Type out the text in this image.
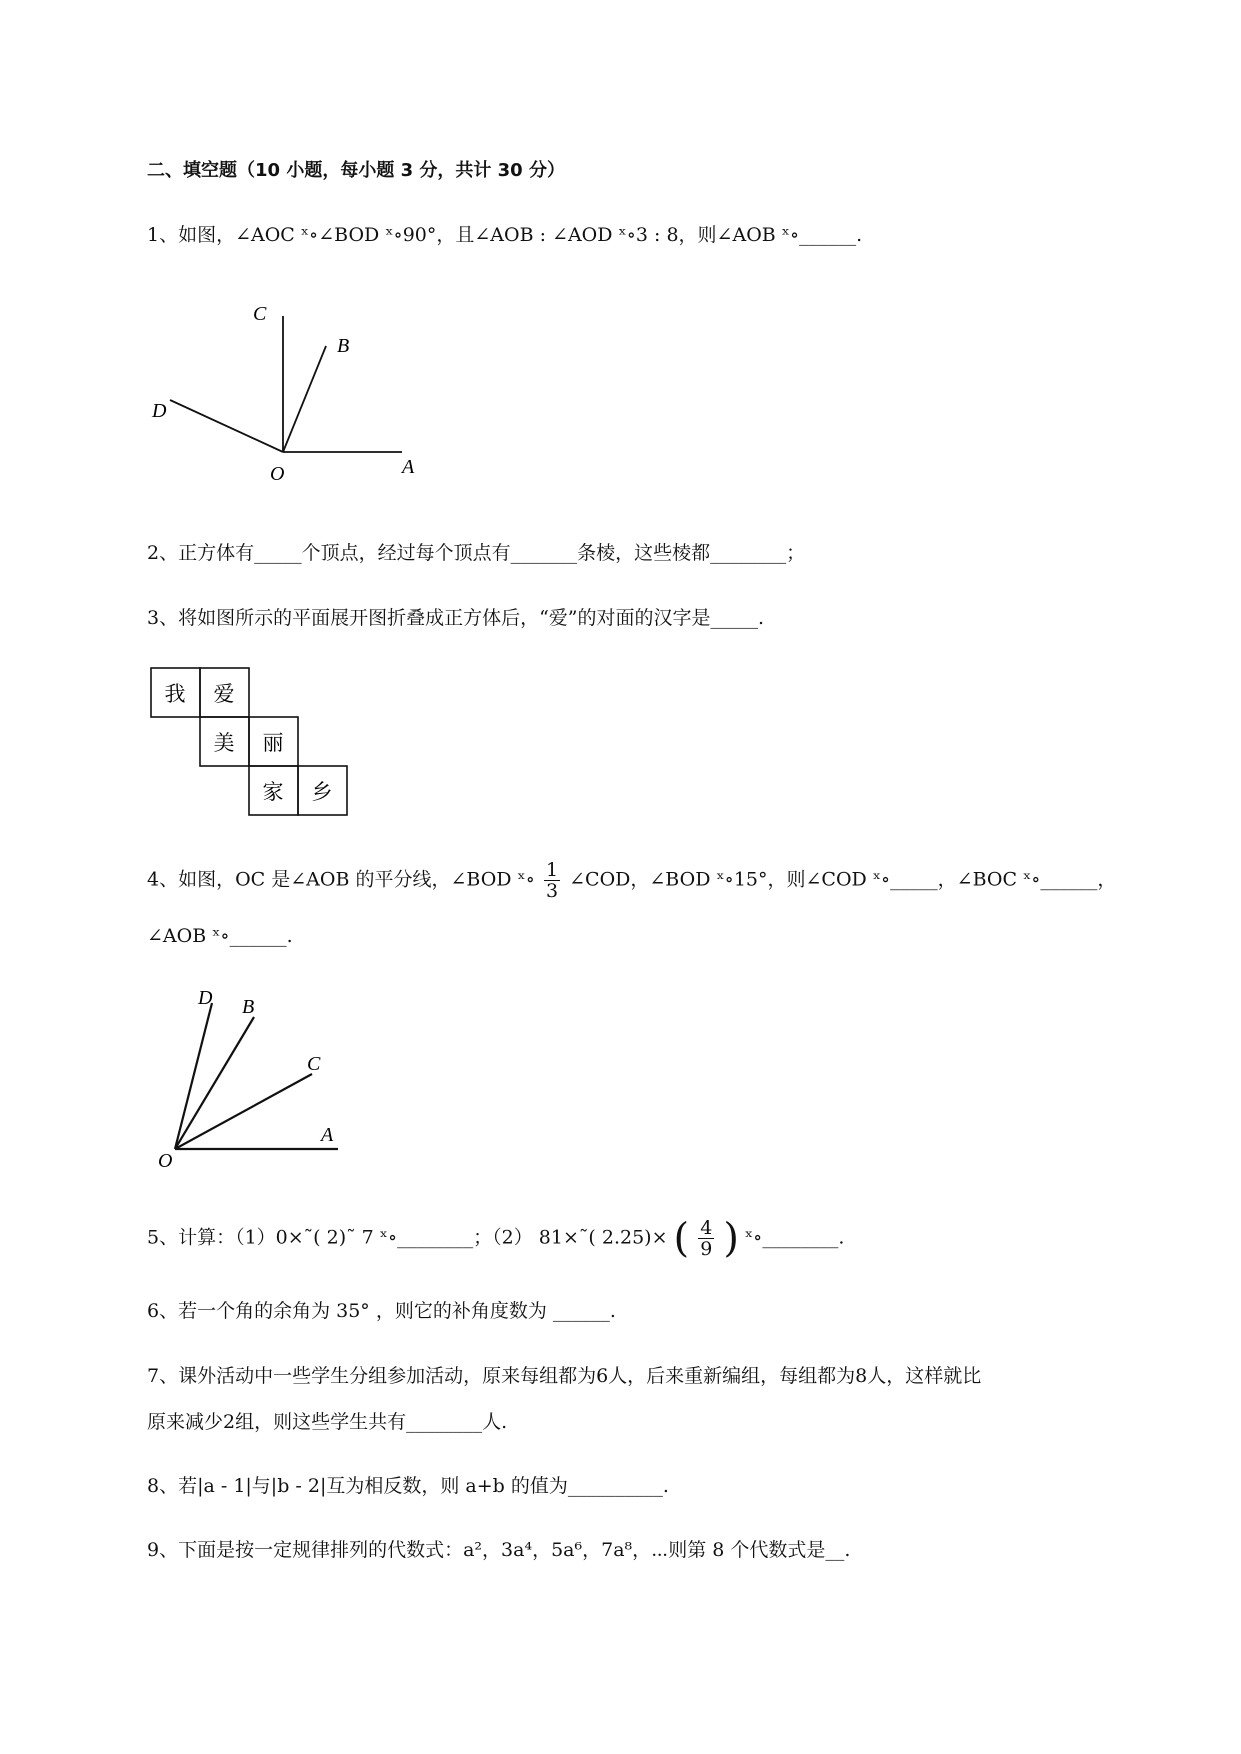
二、填空题（10 小题，每小题 3 分，共计 30 分）
1、如图，∠AOC ˣ∘∠BOD ˣ∘90°，且∠AOB : ∠AOD ˣ∘3 : 8，则∠AOB ˣ∘______.
C
B
D
O	A
2、正方体有_____个顶点，经过每个顶点有_______条棱，这些棱都________；
3、将如图所示的平面展开图折叠成正方体后，“爱”的对面的汉字是_____.
我 爱
美 丽
家 乡
4、如图，OC 是∠AOB 的平分线，∠BOD ˣ∘ $\frac{1}{3}$ ∠COD，∠BOD ˣ∘15°，则∠COD ˣ∘_____，∠BOC ˣ∘______，
∠AOB ˣ∘______.
D B
C
A
O
5、计算：（1）0×˜( 2)˜ 7 ˣ∘________；（2） 81×˜( 2.25)× ( $\frac{4}{9}$ ) ˣ∘________.
6、若一个角的余角为 35° ，则它的补角度数为 ______.
7、课外活动中一些学生分组参加活动，原来每组都为6人，后来重新编组，每组都为8人，这样就比
原来减少2组，则这些学生共有________人.
8、若|a - 1|与|b - 2|互为相反数，则 a+b 的值为__________.
9、下面是按一定规律排列的代数式：a²，3a⁴，5a⁶，7a⁸，⋯则第 8 个代数式是__.
